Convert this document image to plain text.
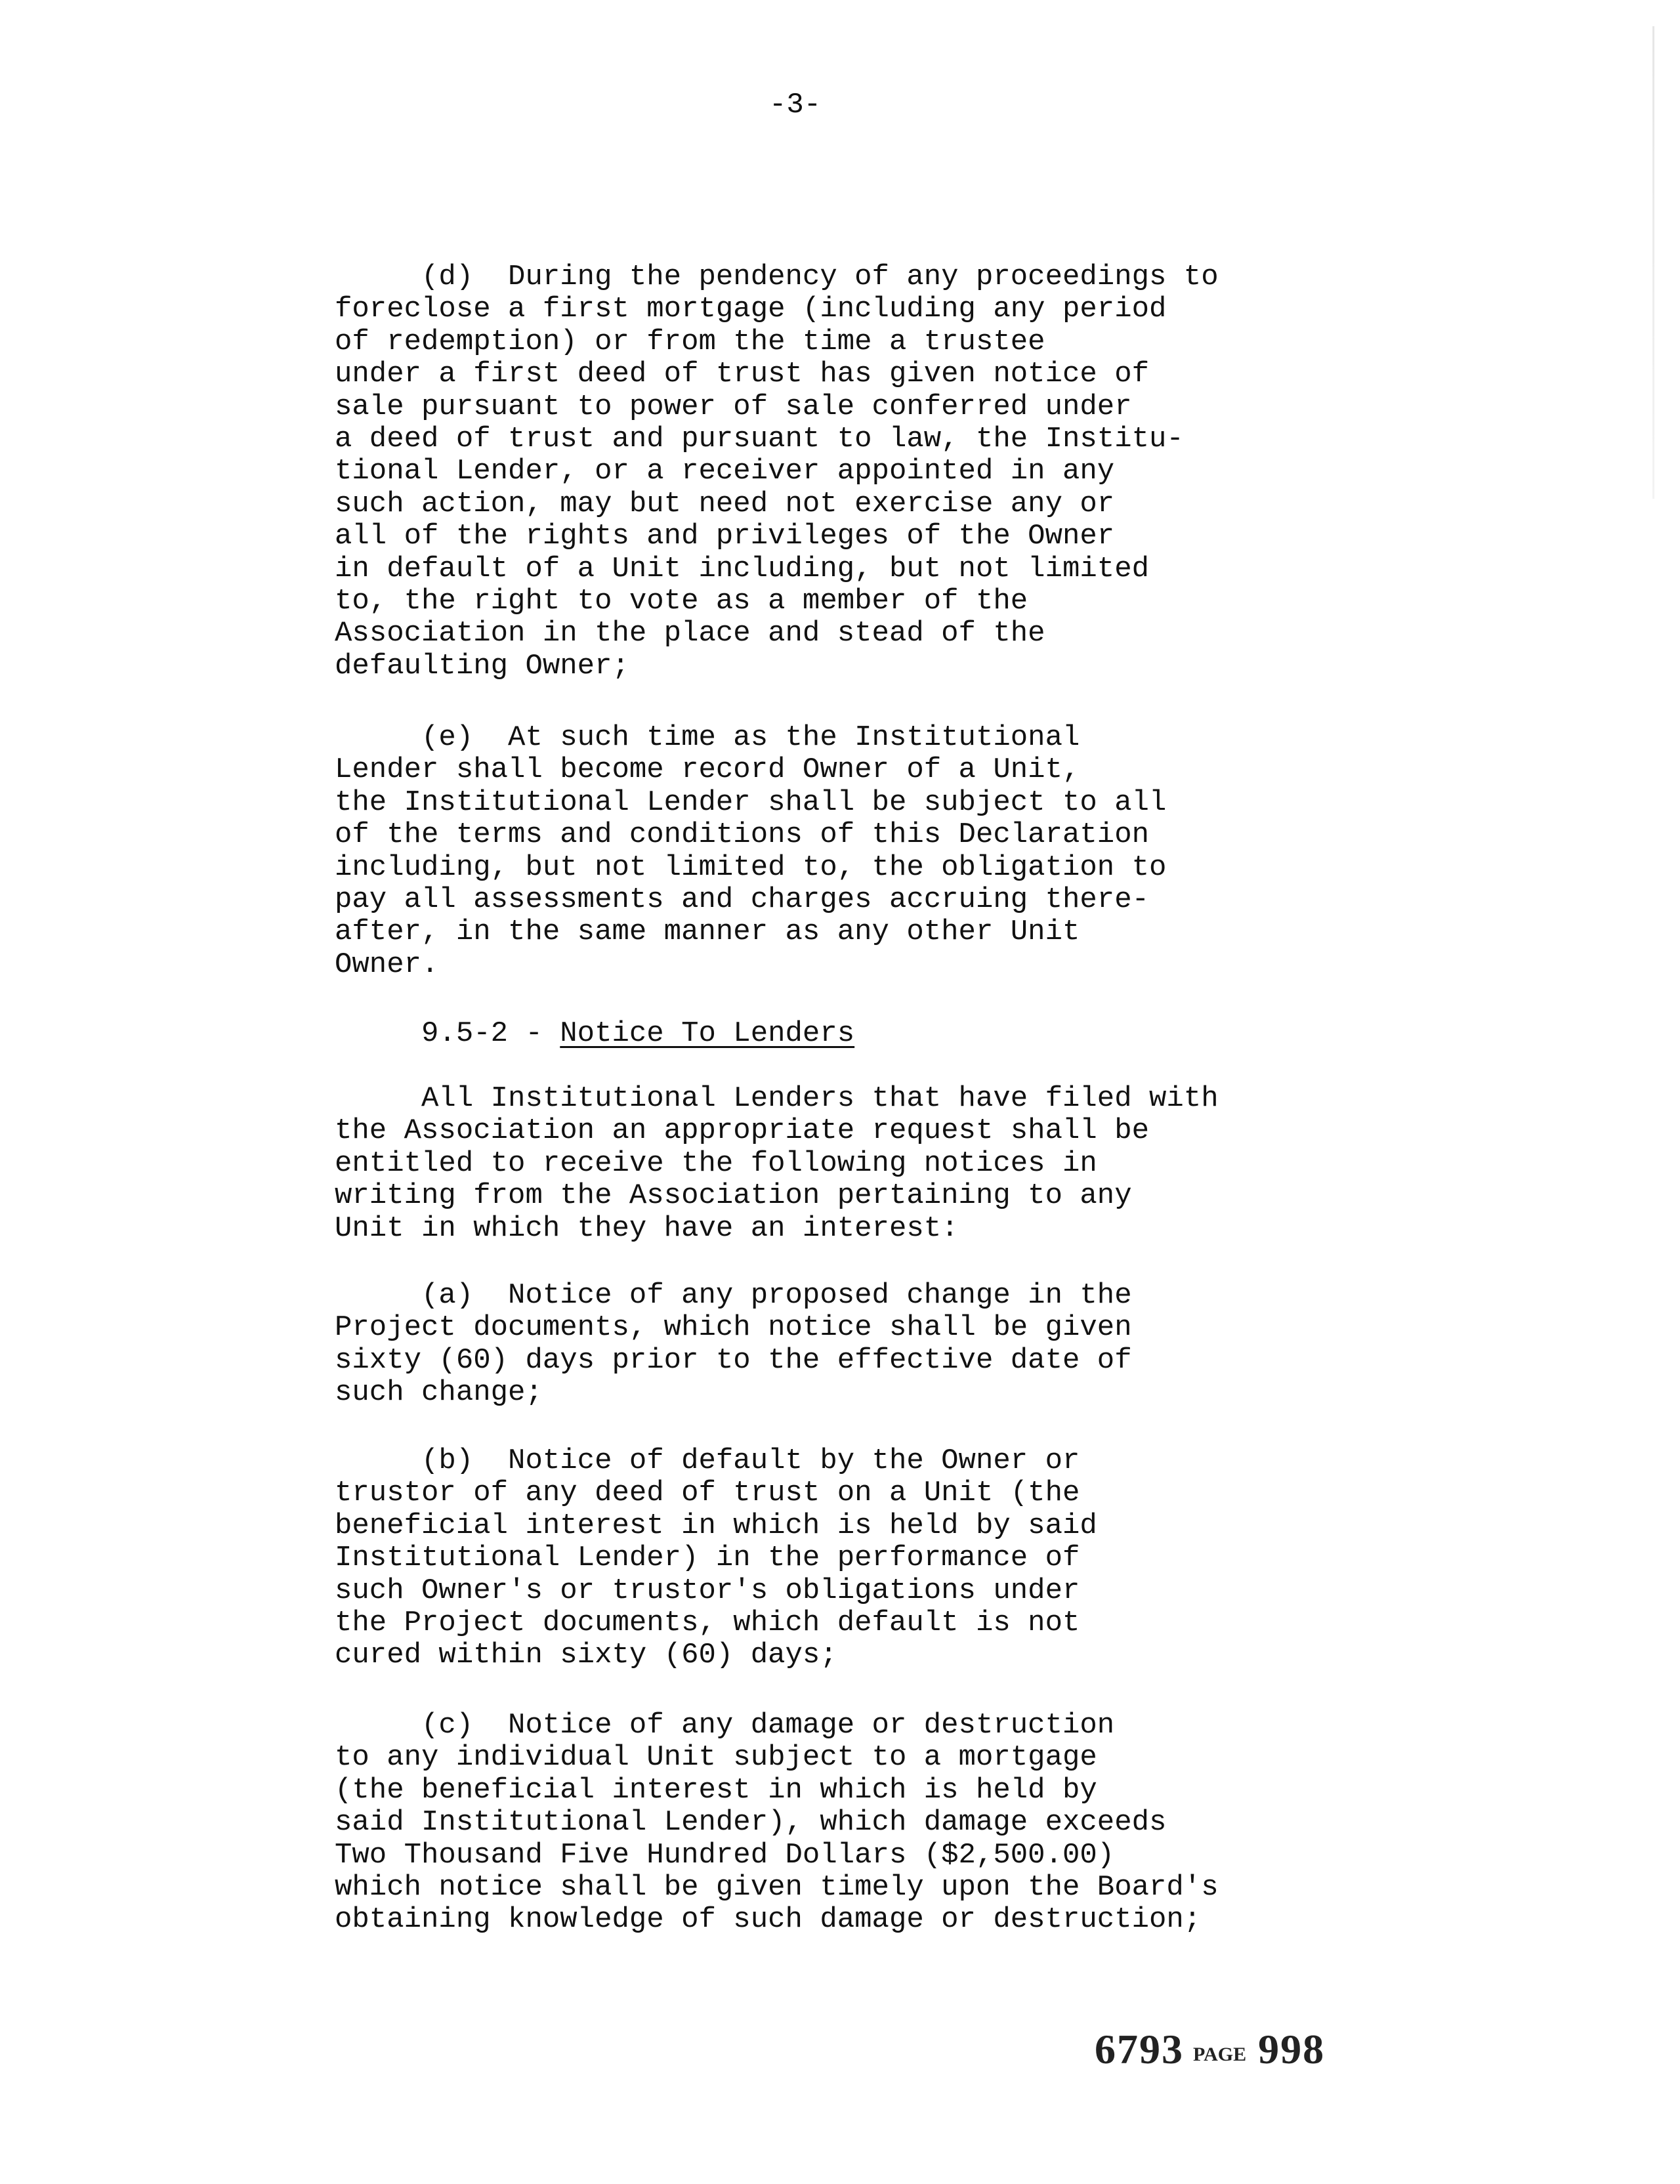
-3-
(d)  During the pendency of any proceedings to
foreclose a first mortgage (including any period
of redemption) or from the time a trustee
under a first deed of trust has given notice of
sale pursuant to power of sale conferred under
a deed of trust and pursuant to law, the Institu-
tional Lender, or a receiver appointed in any
such action, may but need not exercise any or
all of the rights and privileges of the Owner
in default of a Unit including, but not limited
to, the right to vote as a member of the
Association in the place and stead of the
defaulting Owner;
(e)  At such time as the Institutional
Lender shall become record Owner of a Unit,
the Institutional Lender shall be subject to all
of the terms and conditions of this Declaration
including, but not limited to, the obligation to
pay all assessments and charges accruing there-
after, in the same manner as any other Unit
Owner.
All Institutional Lenders that have filed with
the Association an appropriate request shall be
entitled to receive the following notices in
writing from the Association pertaining to any
Unit in which they have an interest:
(a)  Notice of any proposed change in the
Project documents, which notice shall be given
sixty (60) days prior to the effective date of
such change;
(b)  Notice of default by the Owner or
trustor of any deed of trust on a Unit (the
beneficial interest in which is held by said
Institutional Lender) in the performance of
such Owner's or trustor's obligations under
the Project documents, which default is not
cured within sixty (60) days;
(c)  Notice of any damage or destruction
to any individual Unit subject to a mortgage
(the beneficial interest in which is held by
said Institutional Lender), which damage exceeds
Two Thousand Five Hundred Dollars ($2,500.00)
which notice shall be given timely upon the Board's
obtaining knowledge of such damage or destruction;
9.5-2 - Notice To Lenders
6793 PAGE 998
